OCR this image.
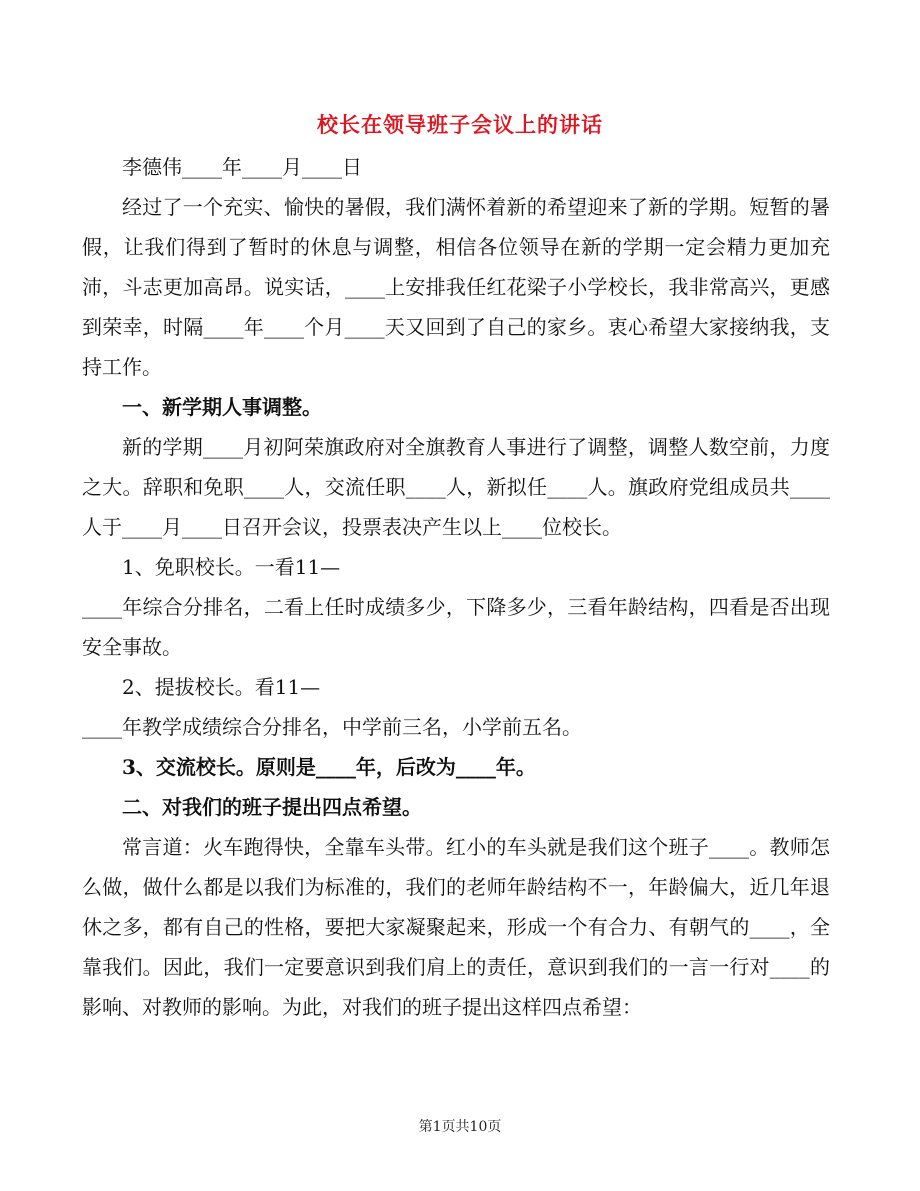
校长在领导班子会议上的讲话

李德伟____年____月____日

经过了一个充实、愉快的暑假，我们满怀着新的希望迎来了新的学期。短暂的暑假，让我们得到了暂时的休息与调整，相信各位领导在新的学期一定会精力更加充沛，斗志更加高昂。说实话，____上安排我任红花梁子小学校长，我非常高兴，更感到荣幸，时隔____年____个月____天又回到了自己的家乡。衷心希望大家接纳我，支持工作。

一、新学期人事调整。

新的学期____月初阿荣旗政府对全旗教育人事进行了调整，调整人数空前，力度之大。辞职和免职____人，交流任职____人，新拟任____人。旗政府党组成员共____人于____月____日召开会议，投票表决产生以上____位校长。

1、免职校长。一看11—

____年综合分排名，二看上任时成绩多少，下降多少，三看年龄结构，四看是否出现安全事故。

2、提拔校长。看11—

____年教学成绩综合分排名，中学前三名，小学前五名。

3、交流校长。原则是____年，后改为____年。

二、对我们的班子提出四点希望。

常言道：火车跑得快，全靠车头带。红小的车头就是我们这个班子____。教师怎么做，做什么都是以我们为标准的，我们的老师年龄结构不一，年龄偏大，近几年退休之多，都有自己的性格，要把大家凝聚起来，形成一个有合力、有朝气的____，全靠我们。因此，我们一定要意识到我们肩上的责任，意识到我们的一言一行对____的影响、对教师的影响。为此，对我们的班子提出这样四点希望：

第1页共10页
